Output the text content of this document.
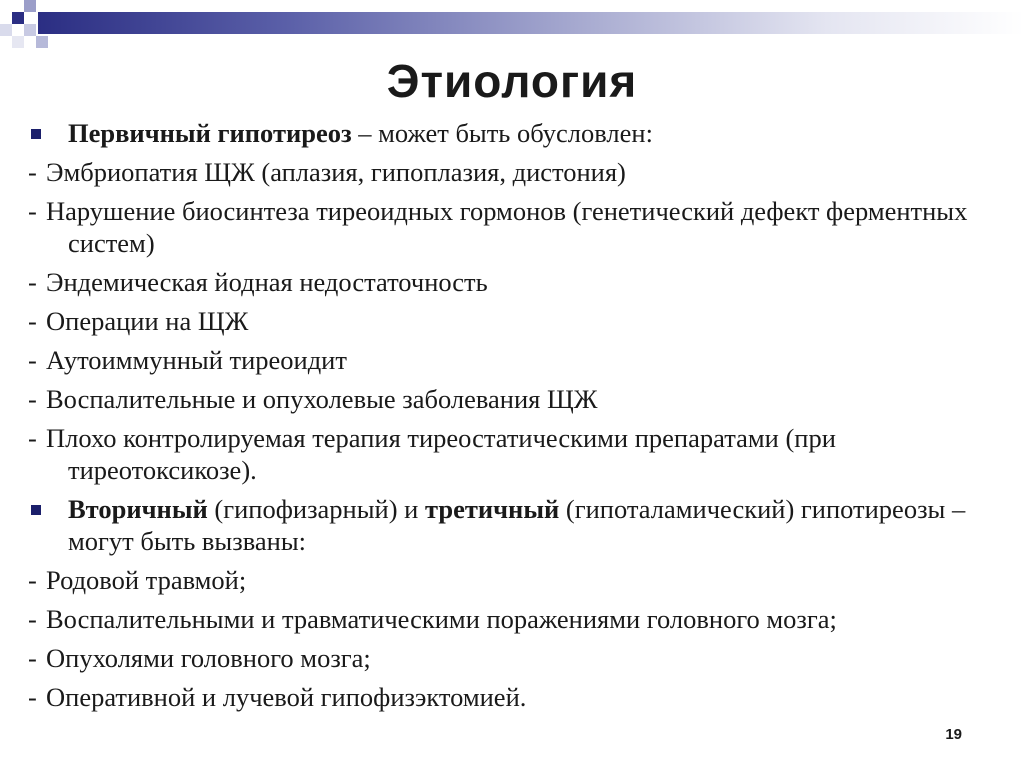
Этиология

Первичный гипотиреоз – может быть обусловлен:

- Эмбриопатия ЩЖ (аплазия, гипоплазия, дистония)

- Нарушение биосинтеза тиреоидных гормонов (генетический дефект ферментных систем)

- Эндемическая йодная недостаточность

- Операции на ЩЖ

- Аутоиммунный тиреоидит

- Воспалительные и опухолевые заболевания ЩЖ

- Плохо контролируемая терапия тиреостатическими препаратами (при тиреотоксикозе).

Вторичный (гипофизарный) и третичный (гипоталамический) гипотиреозы – могут быть вызваны:

- Родовой травмой;

- Воспалительными и травматическими поражениями головного мозга;

- Опухолями головного мозга;

- Оперативной и лучевой гипофизэктомией.

19
